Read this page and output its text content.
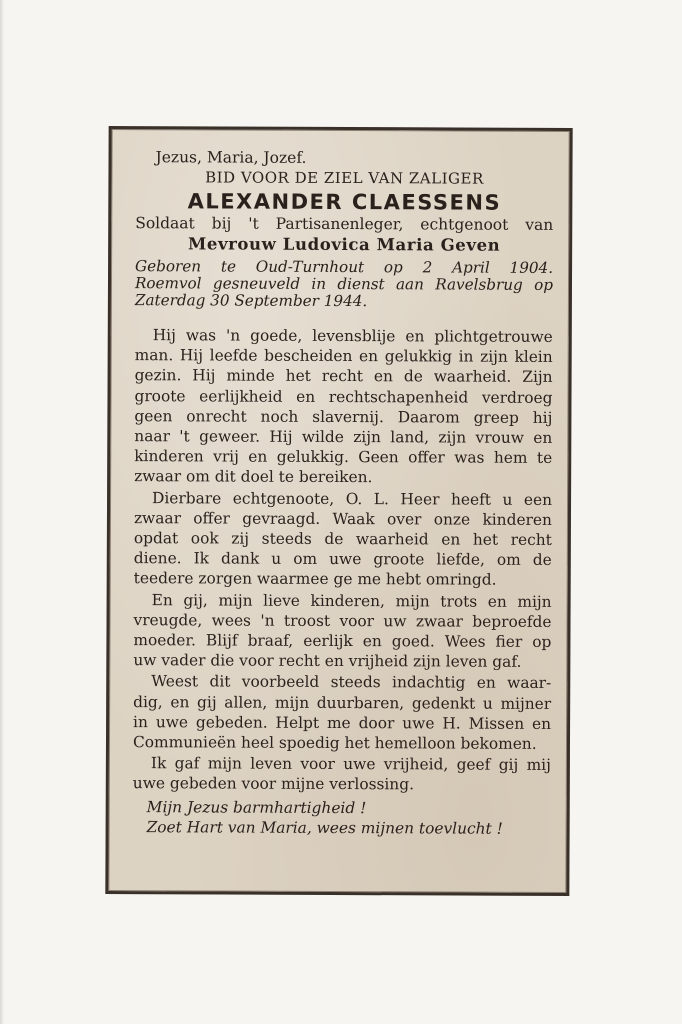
Jezus, Maria, Jozef.
BID VOOR DE ZIEL VAN ZALIGER
ALEXANDER CLAESSENS
Soldaat bij 't Partisanenleger, echtgenoot van
Mevrouw Ludovica Maria Geven
Geboren te Oud-Turnhout op 2 April 1904.
Roemvol gesneuveld in dienst aan Ravelsbrug op
Zaterdag 30 September 1944.
Hij was 'n goede, levensblije en plichtgetrouwe
man. Hij leefde bescheiden en gelukkig in zijn klein
gezin. Hij minde het recht en de waarheid. Zijn
groote eerlijkheid en rechtschapenheid verdroeg
geen onrecht noch slavernij. Daarom greep hij
naar 't geweer. Hij wilde zijn land, zijn vrouw en
kinderen vrij en gelukkig. Geen offer was hem te
zwaar om dit doel te bereiken.
Dierbare echtgenoote, O. L. Heer heeft u een
zwaar offer gevraagd. Waak over onze kinderen
opdat ook zij steeds de waarheid en het recht
diene. Ik dank u om uwe groote liefde, om de
teedere zorgen waarmee ge me hebt omringd.
En gij, mijn lieve kinderen, mijn trots en mijn
vreugde, wees 'n troost voor uw zwaar beproefde
moeder. Blijf braaf, eerlijk en goed. Wees fier op
uw vader die voor recht en vrijheid zijn leven gaf.
Weest dit voorbeeld steeds indachtig en waar-
dig, en gij allen, mijn duurbaren, gedenkt u mijner
in uwe gebeden. Helpt me door uwe H. Missen en
Communieën heel spoedig het hemelloon bekomen.
Ik gaf mijn leven voor uwe vrijheid, geef gij mij
uwe gebeden voor mijne verlossing.
Mijn Jezus barmhartigheid !
Zoet Hart van Maria, wees mijnen toevlucht !
